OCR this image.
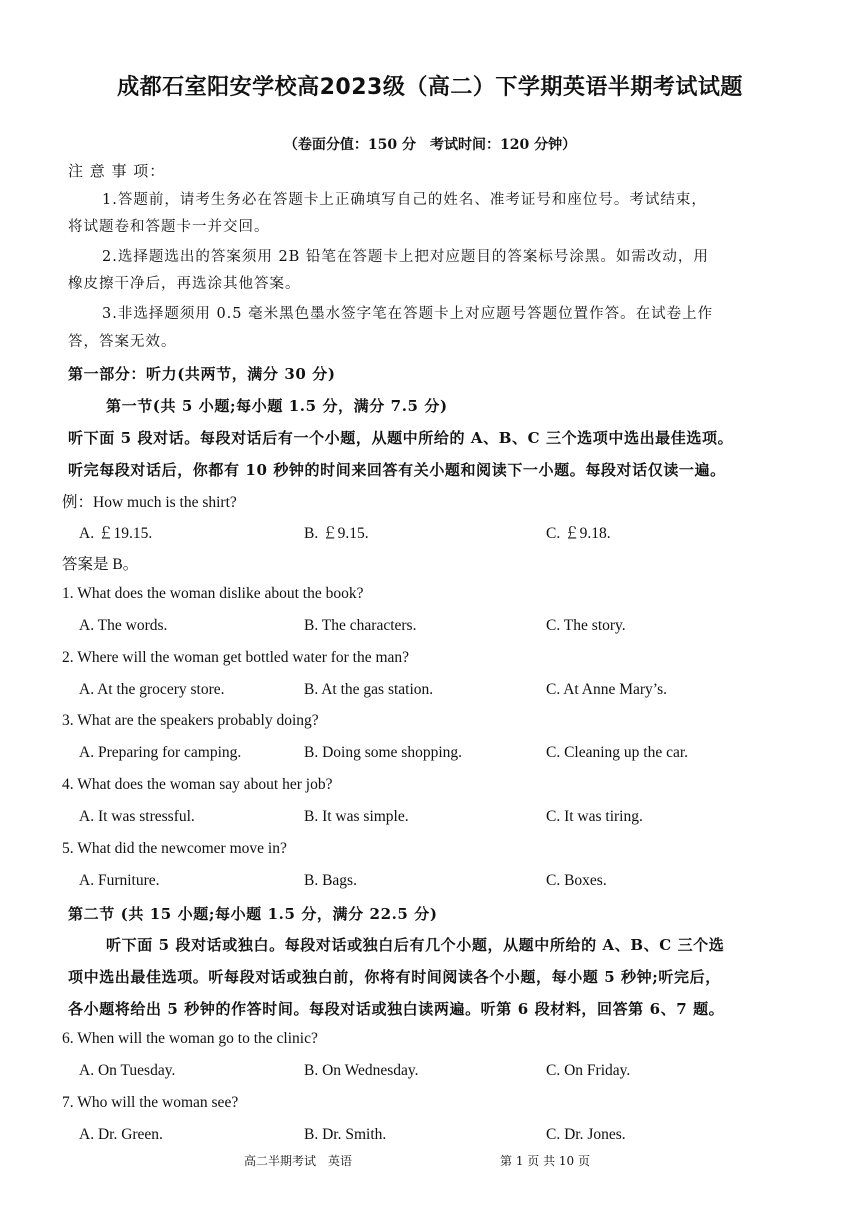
成都石室阳安学校高2023级（高二）下学期英语半期考试试题
（卷面分值：150 分　考试时间：120 分钟）
注 意 事 项：
1.答题前，请考生务必在答题卡上正确填写自己的姓名、准考证号和座位号。考试结束，
将试题卷和答题卡一并交回。
2.选择题选出的答案须用 2B 铅笔在答题卡上把对应题目的答案标号涂黑。如需改动，用
橡皮擦干净后，再选涂其他答案。
3.非选择题须用 0.5 毫米黑色墨水签字笔在答题卡上对应题号答题位置作答。在试卷上作
答，答案无效。
第一部分：听力(共两节，满分 30 分)
第一节(共 5 小题;每小题 1.5 分，满分 7.5 分)
听下面 5 段对话。每段对话后有一个小题，从题中所给的 A、B、C 三个选项中选出最佳选项。
听完每段对话后，你都有 10 秒钟的时间来回答有关小题和阅读下一小题。每段对话仅读一遍。
例：How much is the shirt?
A. ￡19.15.	B. ￡9.15.	C. ￡9.18.
答案是 B。
1. What does the woman dislike about the book?
A. The words.	B. The characters.	C. The story.
2. Where will the woman get bottled water for the man?
A. At the grocery store.	B. At the gas station.	C. At Anne Mary’s.
3. What are the speakers probably doing?
A. Preparing for camping.	B. Doing some shopping.	C. Cleaning up the car.
4. What does the woman say about her job?
A. It was stressful.	B. It was simple.	C. It was tiring.
5. What did the newcomer move in?
A. Furniture.	B. Bags.	C. Boxes.
第二节 (共 15 小题;每小题 1.5 分，满分 22.5 分)
听下面 5 段对话或独白。每段对话或独白后有几个小题，从题中所给的 A、B、C 三个选
项中选出最佳选项。听每段对话或独白前，你将有时间阅读各个小题，每小题 5 秒钟;听完后，
各小题将给出 5 秒钟的作答时间。每段对话或独白读两遍。听第 6 段材料，回答第 6、7 题。
6. When will the woman go to the clinic?
A. On Tuesday.	B. On Wednesday.	C. On Friday.
7. Who will the woman see?
A. Dr. Green.	B. Dr. Smith.	C. Dr. Jones.
高二半期考试　英语	第 1 页 共 10 页
